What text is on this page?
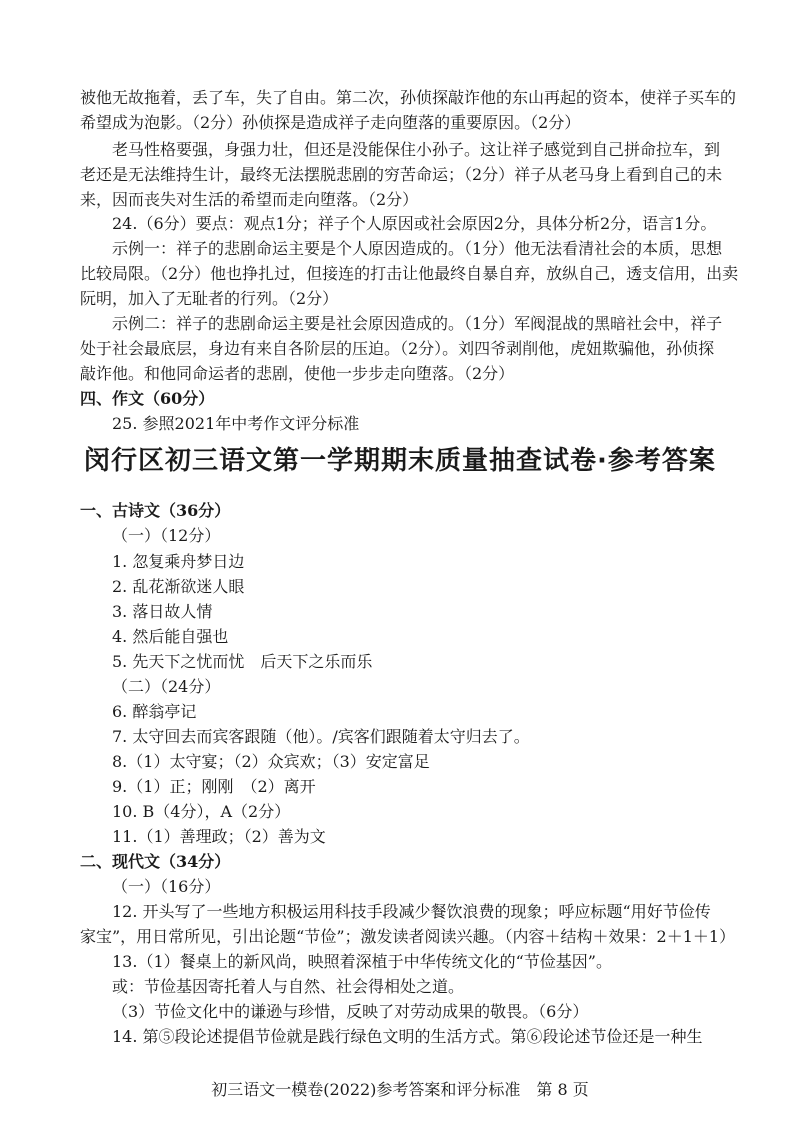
被他无故拖着，丢了车，失了自由。第二次，孙侦探敲诈他的东山再起的资本，使祥子买车的
希望成为泡影。（2分）孙侦探是造成祥子走向堕落的重要原因。（2分）
老马性格要强，身强力壮，但还是没能保住小孙子。这让祥子感觉到自己拼命拉车，到
老还是无法维持生计，最终无法摆脱悲剧的穷苦命运；（2分）祥子从老马身上看到自己的未
来，因而丧失对生活的希望而走向堕落。（2分）
24.（6分）要点：观点1分；祥子个人原因或社会原因2分，具体分析2分，语言1分。
示例一：祥子的悲剧命运主要是个人原因造成的。（1分）他无法看清社会的本质，思想
比较局限。（2分）他也挣扎过，但接连的打击让他最终自暴自弃，放纵自己，透支信用，出卖
阮明，加入了无耻者的行列。（2分）
示例二：祥子的悲剧命运主要是社会原因造成的。（1分）军阀混战的黑暗社会中，祥子
处于社会最底层，身边有来自各阶层的压迫。（2分）。刘四爷剥削他，虎妞欺骗他，孙侦探
敲诈他。和他同命运者的悲剧，使他一步步走向堕落。（2分）
四、作文（60分）
25. 参照2021年中考作文评分标准
闵行区初三语文第一学期期末质量抽查试卷·参考答案
一、古诗文（36分）
（一）（12分）
1. 忽复乘舟梦日边
2. 乱花渐欲迷人眼
3. 落日故人情
4. 然后能自强也
5. 先天下之忧而忧　后天下之乐而乐
（二）（24分）
6. 醉翁亭记
7. 太守回去而宾客跟随（他）。/宾客们跟随着太守归去了。
8.（1）太守宴；（2）众宾欢；（3）安定富足
9.（1）正；刚刚　（2）离开
10. B（4分），A（2分）
11.（1）善理政；（2）善为文
二、现代文（34分）
（一）（16分）
12. 开头写了一些地方积极运用科技手段减少餐饮浪费的现象；呼应标题“用好节俭传
家宝”，用日常所见，引出论题“节俭”；激发读者阅读兴趣。（内容＋结构＋效果：2＋1＋1）
13.（1）餐桌上的新风尚，映照着深植于中华传统文化的“节俭基因”。
或：节俭基因寄托着人与自然、社会得相处之道。
（3）节俭文化中的谦逊与珍惜，反映了对劳动成果的敬畏。（6分）
14. 第⑤段论述提倡节俭就是践行绿色文明的生活方式。第⑥段论述节俭还是一种生
初三语文一模卷(2022)参考答案和评分标准　第 8 页
